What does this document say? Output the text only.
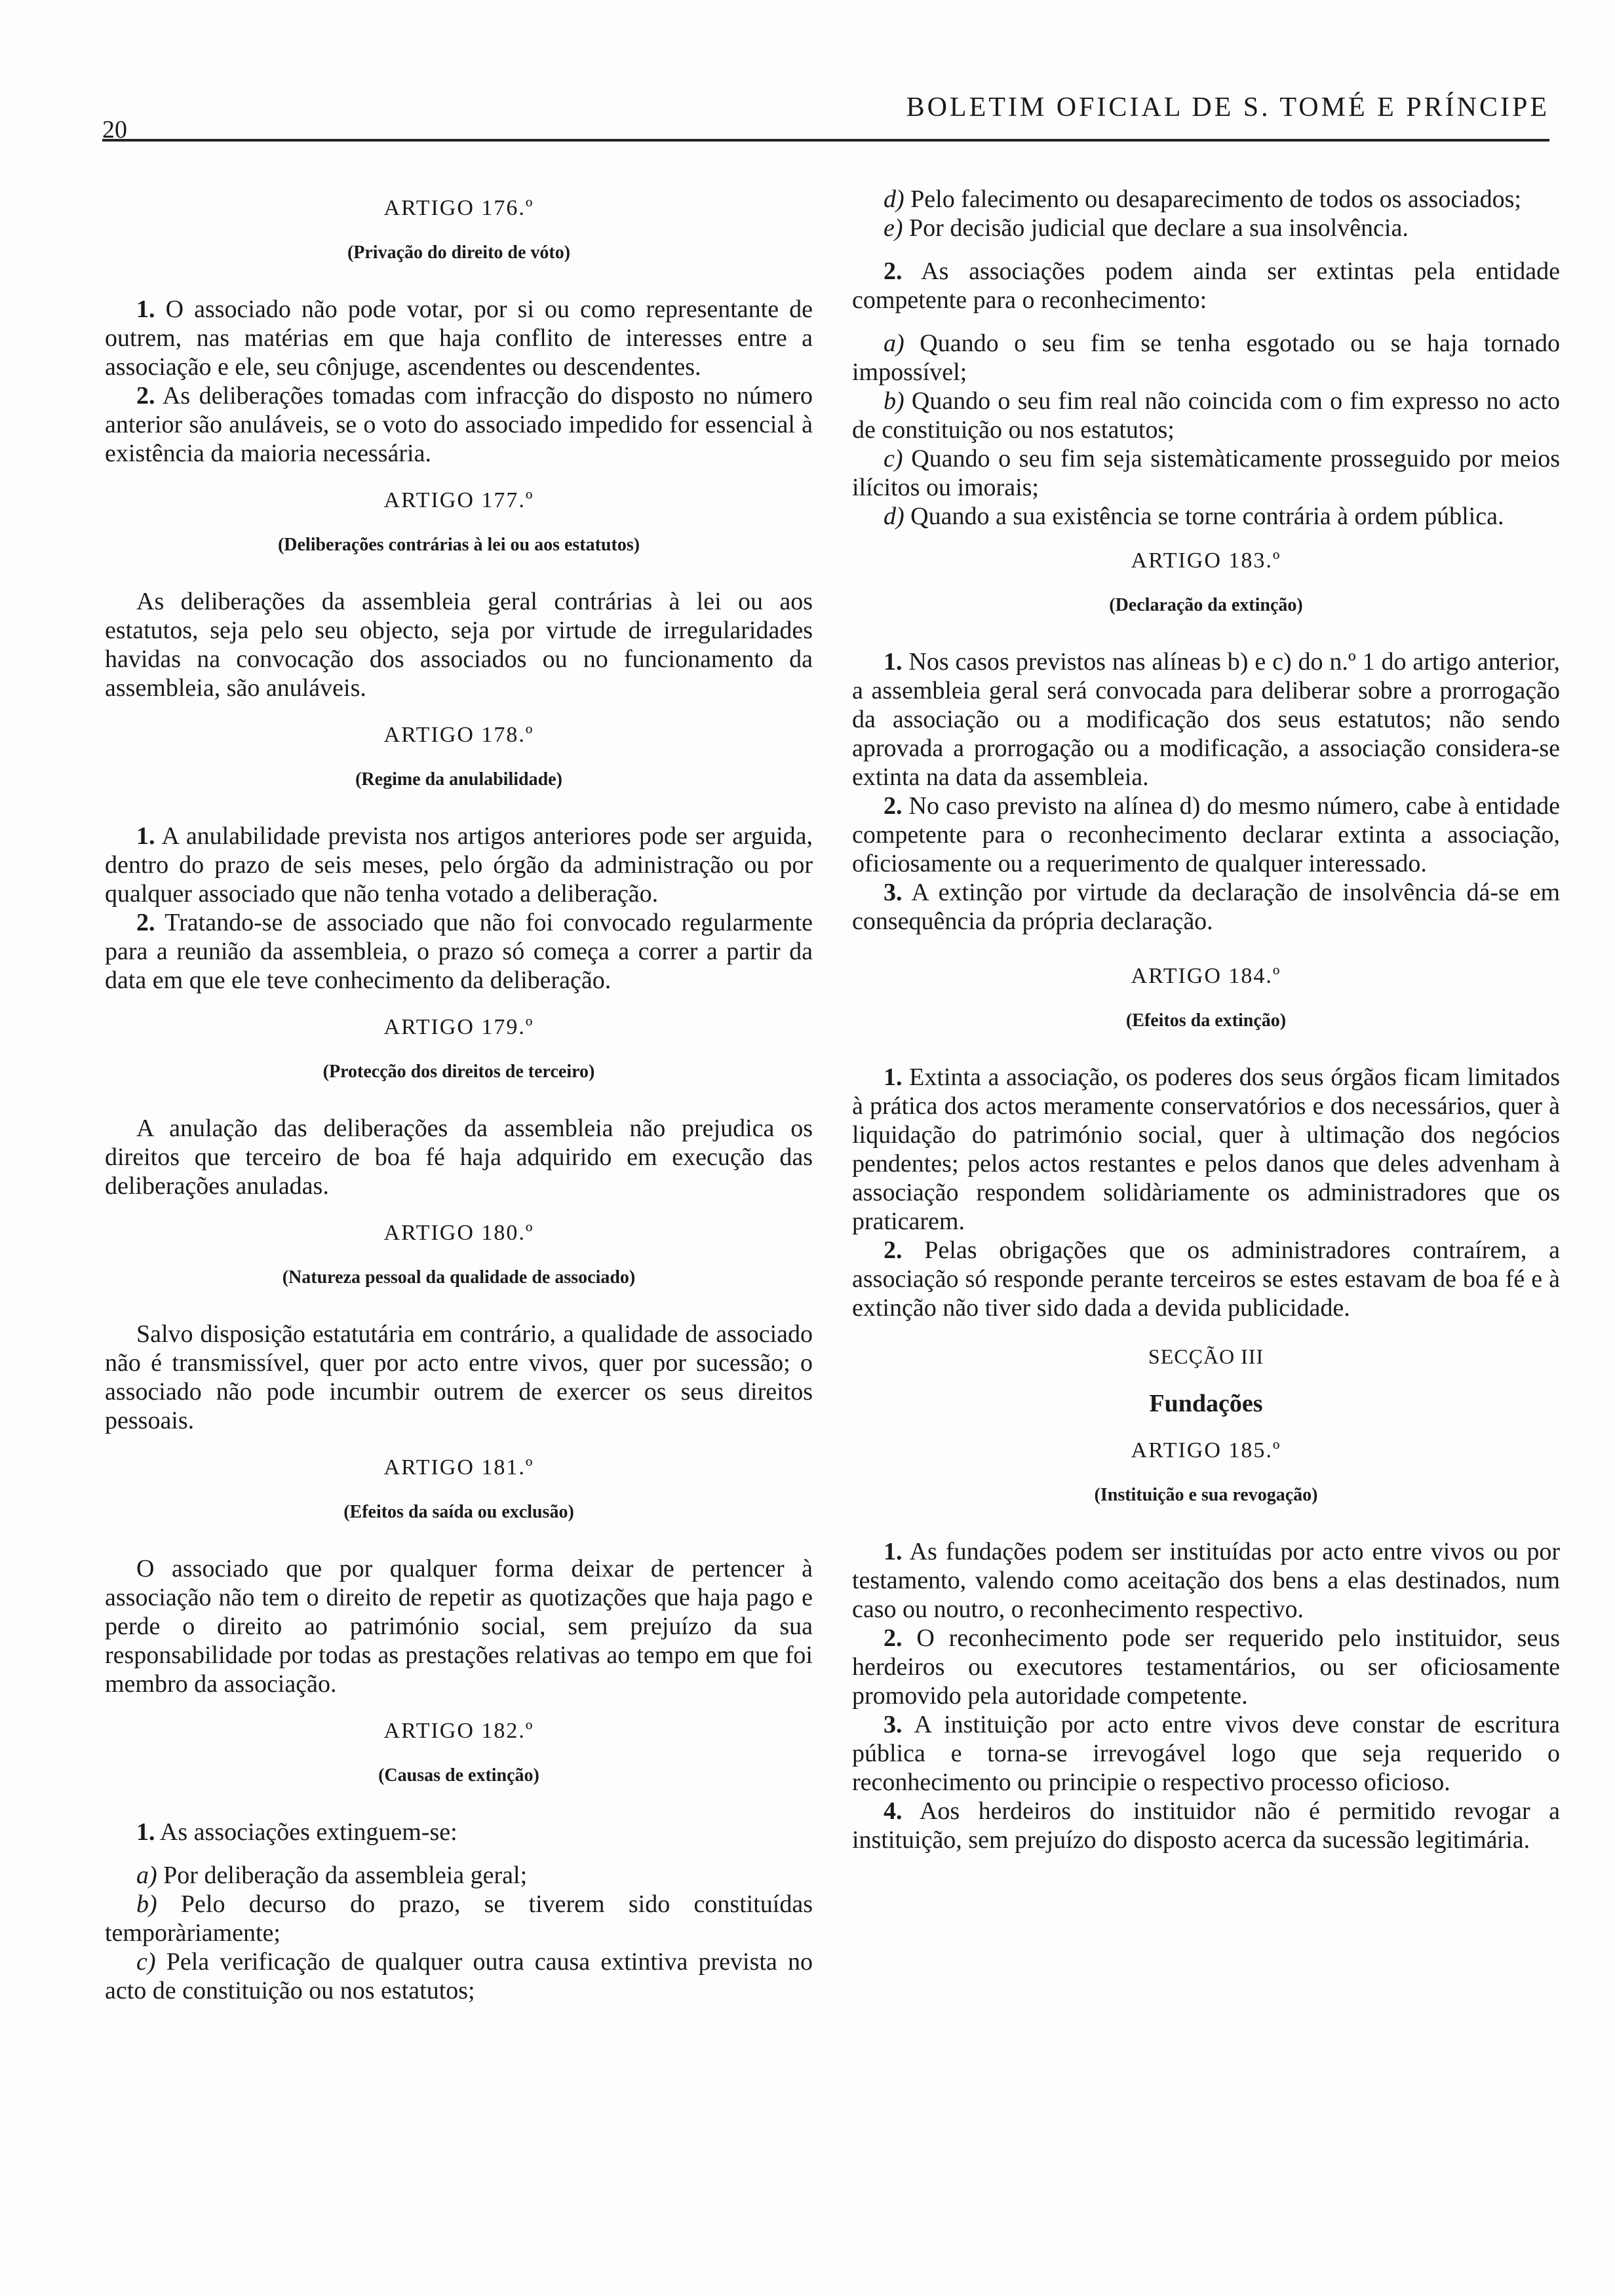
20
BOLETIM OFICIAL DE S. TOMÉ E PRÍNCIPE
ARTIGO 176.º
(Privação do direito de vóto)

1. O associado não pode votar, por si ou como representante de outrem, nas matérias em que haja conflito de interesses entre a associação e ele, seu cônjuge, ascendentes ou descendentes.

2. As deliberações tomadas com infracção do disposto no número anterior são anuláveis, se o voto do associado impedido for essencial à existência da maioria necessária.

ARTIGO 177.º
(Deliberações contrárias à lei ou aos estatutos)

As deliberações da assembleia geral contrárias à lei ou aos estatutos, seja pelo seu objecto, seja por virtude de irregularidades havidas na convocação dos associados ou no funcionamento da assembleia, são anuláveis.

ARTIGO 178.º
(Regime da anulabilidade)

1. A anulabilidade prevista nos artigos anteriores pode ser arguida, dentro do prazo de seis meses, pelo órgão da administração ou por qualquer associado que não tenha votado a deliberação.

2. Tratando-se de associado que não foi convocado regularmente para a reunião da assembleia, o prazo só começa a correr a partir da data em que ele teve conhecimento da deliberação.

ARTIGO 179.º
(Protecção dos direitos de terceiro)

A anulação das deliberações da assembleia não prejudica os direitos que terceiro de boa fé haja adquirido em execução das deliberações anuladas.

ARTIGO 180.º
(Natureza pessoal da qualidade de associado)

Salvo disposição estatutária em contrário, a qualidade de associado não é transmissível, quer por acto entre vivos, quer por sucessão; o associado não pode incumbir outrem de exercer os seus direitos pessoais.

ARTIGO 181.º
(Efeitos da saída ou exclusão)

O associado que por qualquer forma deixar de pertencer à associação não tem o direito de repetir as quotizações que haja pago e perde o direito ao património social, sem prejuízo da sua responsabilidade por todas as prestações relativas ao tempo em que foi membro da associação.

ARTIGO 182.º
(Causas de extinção)

1. As associações extinguem-se:

a) Por deliberação da assembleia geral;

b) Pelo decurso do prazo, se tiverem sido constituídas temporàriamente;

c) Pela verificação de qualquer outra causa extintiva prevista no acto de constituição ou nos estatutos;

d) Pelo falecimento ou desaparecimento de todos os associados;

e) Por decisão judicial que declare a sua insolvência.

2. As associações podem ainda ser extintas pela entidade competente para o reconhecimento:

a) Quando o seu fim se tenha esgotado ou se haja tornado impossível;

b) Quando o seu fim real não coincida com o fim expresso no acto de constituição ou nos estatutos;

c) Quando o seu fim seja sistemàticamente prosseguido por meios ilícitos ou imorais;

d) Quando a sua existência se torne contrária à ordem pública.

ARTIGO 183.º
(Declaração da extinção)

1. Nos casos previstos nas alíneas b) e c) do n.º 1 do artigo anterior, a assembleia geral será convocada para deliberar sobre a prorrogação da associação ou a modificação dos seus estatutos; não sendo aprovada a prorrogação ou a modificação, a associação considera-se extinta na data da assembleia.

2. No caso previsto na alínea d) do mesmo número, cabe à entidade competente para o reconhecimento declarar extinta a associação, oficiosamente ou a requerimento de qualquer interessado.

3. A extinção por virtude da declaração de insolvência dá-se em consequência da própria declaração.

ARTIGO 184.º
(Efeitos da extinção)

1. Extinta a associação, os poderes dos seus órgãos ficam limitados à prática dos actos meramente conservatórios e dos necessários, quer à liquidação do património social, quer à ultimação dos negócios pendentes; pelos actos restantes e pelos danos que deles advenham à associação respondem solidàriamente os administradores que os praticarem.

2. Pelas obrigações que os administradores contraírem, a associação só responde perante terceiros se estes estavam de boa fé e à extinção não tiver sido dada a devida publicidade.

SECÇÃO III
Fundações
ARTIGO 185.º
(Instituição e sua revogação)

1. As fundações podem ser instituídas por acto entre vivos ou por testamento, valendo como aceitação dos bens a elas destinados, num caso ou noutro, o reconhecimento respectivo.

2. O reconhecimento pode ser requerido pelo instituidor, seus herdeiros ou executores testamentários, ou ser oficiosamente promovido pela autoridade competente.

3. A instituição por acto entre vivos deve constar de escritura pública e torna-se irrevogável logo que seja requerido o reconhecimento ou principie o respectivo processo oficioso.

4. Aos herdeiros do instituidor não é permitido revogar a instituição, sem prejuízo do disposto acerca da sucessão legitimária.
